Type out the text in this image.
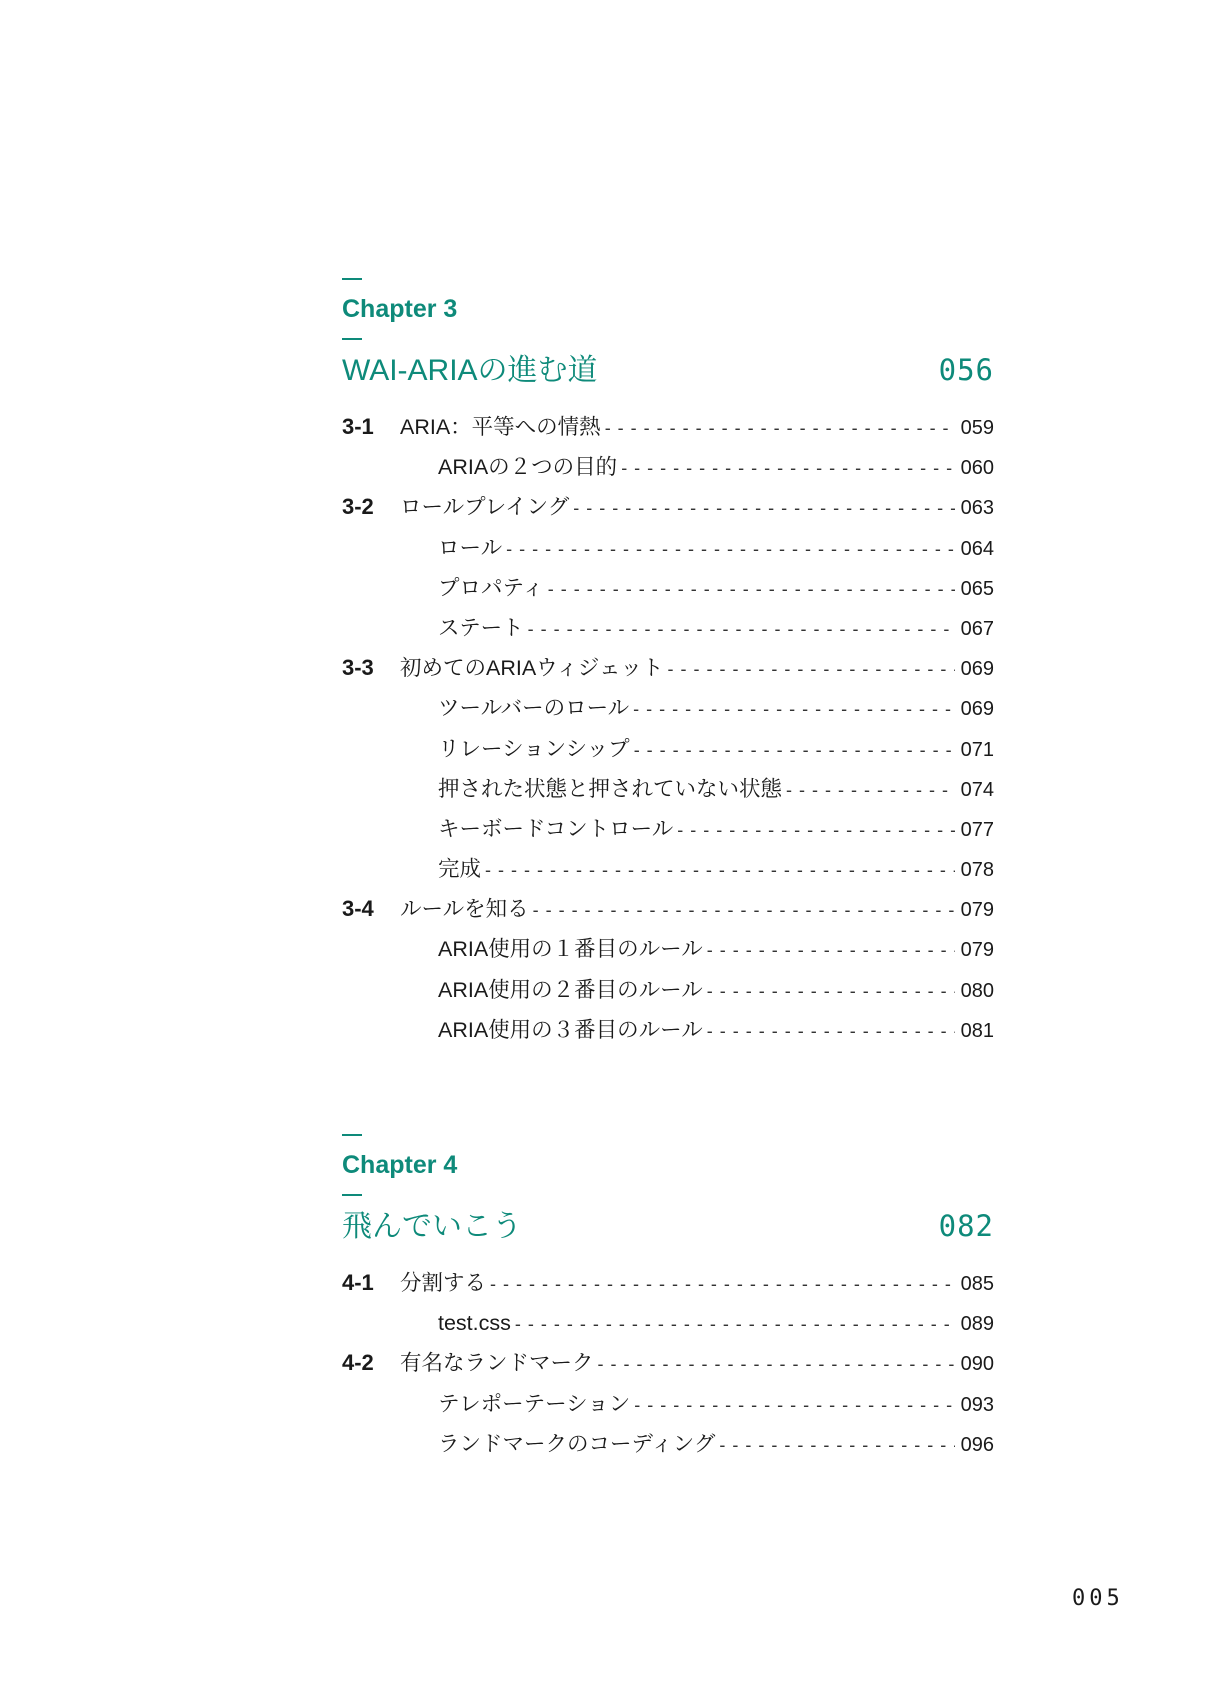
Chapter 3
WAI-ARIAの進む道	056
3-1	ARIA：平等への情熱 - - -	059
ARIAの２つの目的 - - -	060
3-2	ロールプレイング - - -	063
ロール - - -	064
プロパティ - - -	065
ステート - - -	067
3-3	初めてのARIAウィジェット - - -	069
ツールバーのロール - - -	069
リレーションシップ - - -	071
押された状態と押されていない状態 - - -	074
キーボードコントロール - - -	077
完成 - - -	078
3-4	ルールを知る - - -	079
ARIA使用の１番目のルール - - -	079
ARIA使用の２番目のルール - - -	080
ARIA使用の３番目のルール - - -	081
Chapter 4
飛んでいこう	082
4-1	分割する - - -	085
test.css - - -	089
4-2	有名なランドマーク - - -	090
テレポーテーション - - -	093
ランドマークのコーディング - - -	096
005
